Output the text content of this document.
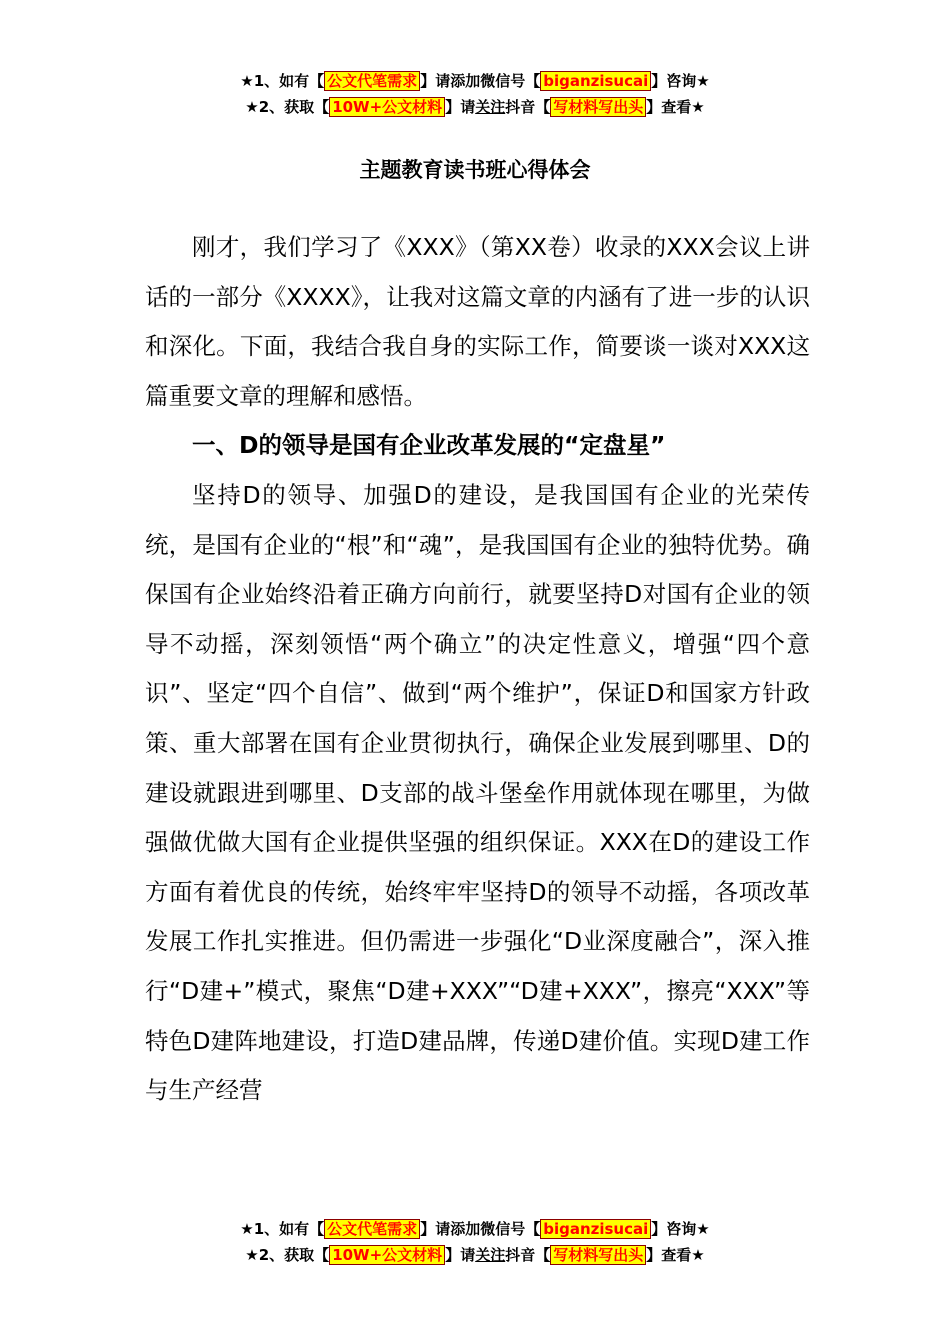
★1、如有【 公文代笔需求 】请添加微信号【 biganzisucai 】咨询★
★2、获取【 10W+公文材料 】请关注抖音【 写材料写出头 】查看★
主题教育读书班心得体会

刚才，我们学习了《XXX》（第XX卷）收录的XXX会议上讲话的一部分《XXXX》，让我对这篇文章的内涵有了进一步的认识和深化。下面，我结合我自身的实际工作，简要谈一谈对XXX这篇重要文章的理解和感悟。

一、D的领导是国有企业改革发展的“定盘星”

坚持D的领导、加强D的建设，是我国国有企业的光荣传统，是国有企业的“根”和“魂”，是我国国有企业的独特优势。确保国有企业始终沿着正确方向前行，就要坚持D对国有企业的领导不动摇，深刻领悟“两个确立”的决定性意义，增强“四个意识”、坚定“四个自信”、做到“两个维护”，保证D和国家方针政策、重大部署在国有企业贯彻执行，确保企业发展到哪里、D的建设就跟进到哪里、D支部的战斗堡垒作用就体现在哪里，为做强做优做大国有企业提供坚强的组织保证。XXX在D的建设工作方面有着优良的传统，始终牢牢坚持D的领导不动摇，各项改革发展工作扎实推进。但仍需进一步强化“D业深度融合”，深入推行“D建+”模式，聚焦“D建+XXX”“D建+XXX”，擦亮“XXX”等特色D建阵地建设，打造D建品牌，传递D建价值。实现D建工作与生产经营

★1、如有【 公文代笔需求 】请添加微信号【 biganzisucai 】咨询★
★2、获取【 10W+公文材料 】请关注抖音【 写材料写出头 】查看★
